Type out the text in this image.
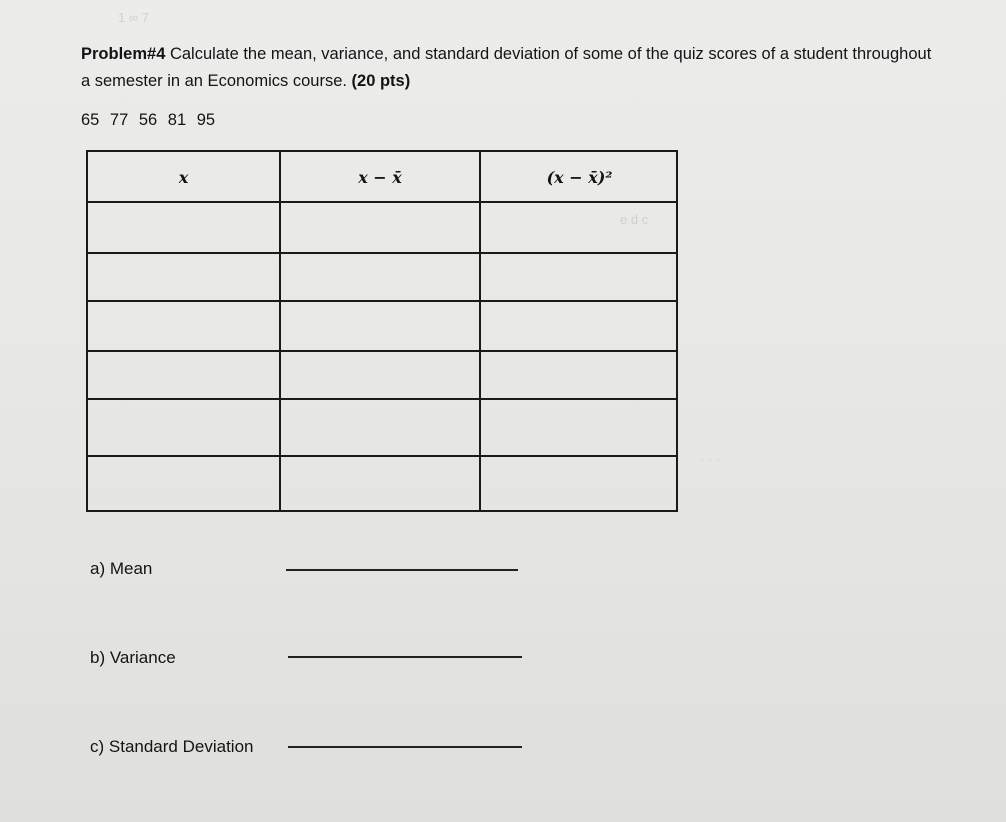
1 ∞ 7
e d c
· · ·
Problem#4 Calculate the mean, variance, and standard deviation of some of the quiz scores of a student throughout a semester in an Economics course. (20 pts)
65 77 56 81 95
x	x − x̄	(x − x̄)²
a) Mean
b) Variance
c) Standard Deviation
